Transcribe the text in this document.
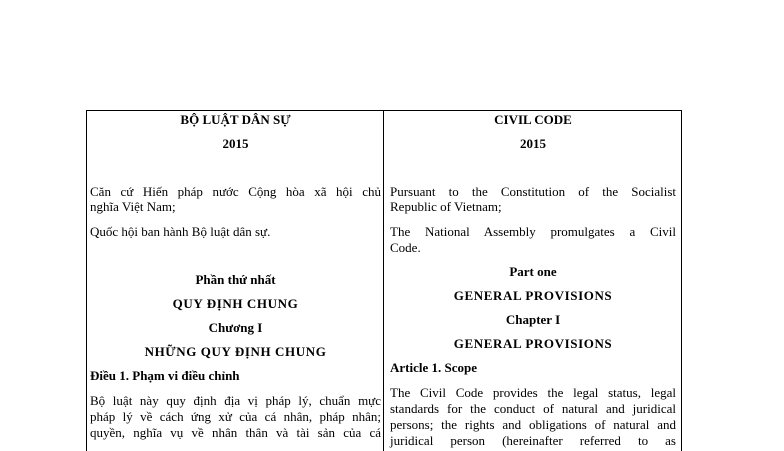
BỘ LUẬT DÂN SỰ
2015
Căn cứ Hiến pháp nước Cộng hòa xã hội chủ
nghĩa Việt Nam;
Quốc hội ban hành Bộ luật dân sự.
Phần thứ nhất
QUY ĐỊNH CHUNG
Chương I
NHỮNG QUY ĐỊNH CHUNG
Điều 1. Phạm vi điều chỉnh
Bộ luật này quy định địa vị pháp lý, chuẩn mực
pháp lý về cách ứng xử của cá nhân, pháp nhân;
quyền, nghĩa vụ về nhân thân và tài sản của cá
CIVIL CODE
2015
Pursuant to the Constitution of the Socialist
Republic of Vietnam;
The National Assembly promulgates a Civil
Code.
Part one
GENERAL PROVISIONS
Chapter I
GENERAL PROVISIONS
Article 1. Scope
The Civil Code provides the legal status, legal
standards for the conduct of natural and juridical
persons; the rights and obligations of natural and
juridical person (hereinafter referred to as
